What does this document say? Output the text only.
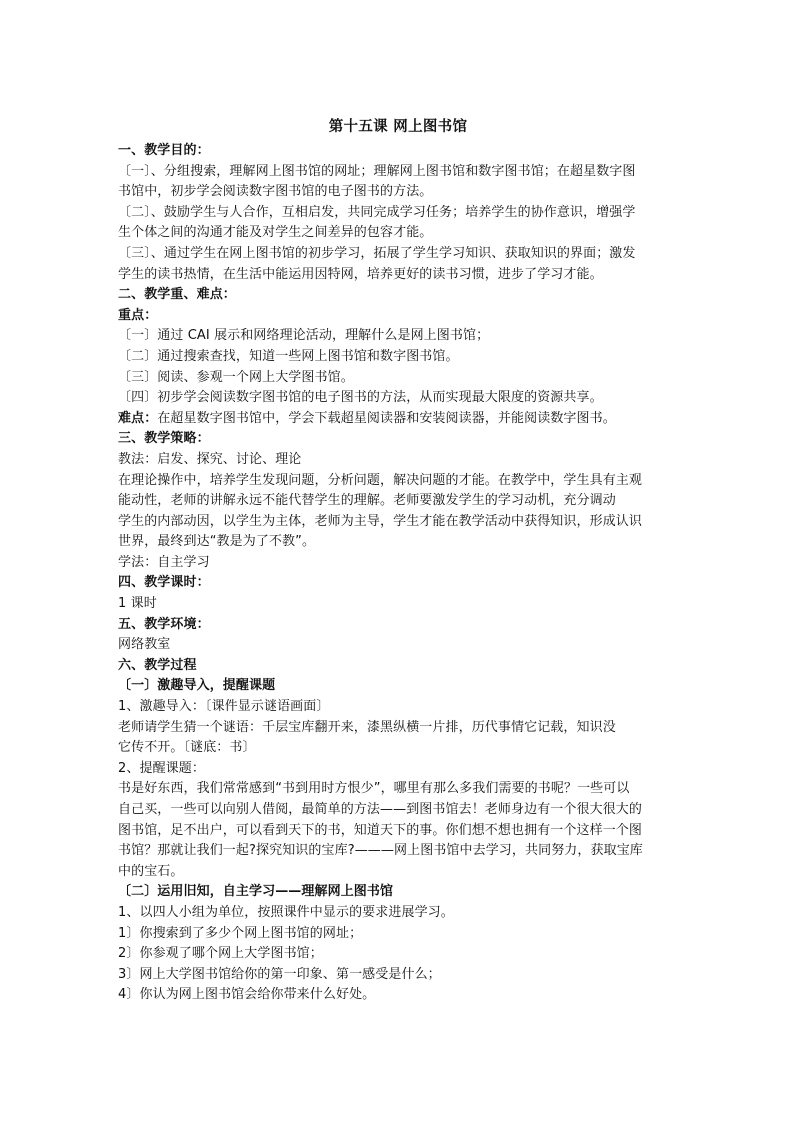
第十五课 网上图书馆
一、教学目的：
〔一〕、分组搜索，理解网上图书馆的网址；理解网上图书馆和数字图书馆；在超星数字图
书馆中，初步学会阅读数字图书馆的电子图书的方法。
〔二〕、鼓励学生与人合作，互相启发，共同完成学习任务；培养学生的协作意识，增强学
生个体之间的沟通才能及对学生之间差异的包容才能。
〔三〕、通过学生在网上图书馆的初步学习，拓展了学生学习知识、获取知识的界面；激发
学生的读书热情，在生活中能运用因特网，培养更好的读书习惯，进步了学习才能。
二、教学重、难点：
重点：
〔一〕通过 CAI 展示和网络理论活动，理解什么是网上图书馆；
〔二〕通过搜索查找，知道一些网上图书馆和数字图书馆。
〔三〕阅读、参观一个网上大学图书馆。
〔四〕初步学会阅读数字图书馆的电子图书的方法，从而实现最大限度的资源共享。
难点：在超星数字图书馆中，学会下载超星阅读器和安装阅读器，并能阅读数字图书。
三、教学策略：
教法：启发、探究、讨论、理论
在理论操作中，培养学生发现问题，分析问题，解决问题的才能。在教学中，学生具有主观
能动性，老师的讲解永远不能代替学生的理解。老师要激发学生的学习动机，充分调动
学生的内部动因，以学生为主体，老师为主导，学生才能在教学活动中获得知识，形成认识
世界，最终到达“教是为了不教”。
学法：自主学习
四、教学课时：
1 课时
五、教学环境：
网络教室
六、教学过程
〔一〕激趣导入，提醒课题
1、激趣导入：〔课件显示谜语画面〕
老师请学生猜一个谜语：千层宝库翻开来，漆黑纵横一片排，历代事情它记载，知识没
它传不开。〔谜底：书〕
2、提醒课题：
书是好东西，我们常常感到“书到用时方恨少”，哪里有那么多我们需要的书呢？一些可以
自己买，一些可以向别人借阅，最简单的方法——到图书馆去！老师身边有一个很大很大的
图书馆，足不出户，可以看到天下的书，知道天下的事。你们想不想也拥有一个这样一个图
书馆？那就让我们一起?探究知识的宝库?———网上图书馆中去学习，共同努力，获取宝库
中的宝石。
〔二〕运用旧知，自主学习——理解网上图书馆
1、以四人小组为单位，按照课件中显示的要求进展学习。
1〕你搜索到了多少个网上图书馆的网址；
2〕你参观了哪个网上大学图书馆；
3〕网上大学图书馆给你的第一印象、第一感受是什么；
4〕你认为网上图书馆会给你带来什么好处。
